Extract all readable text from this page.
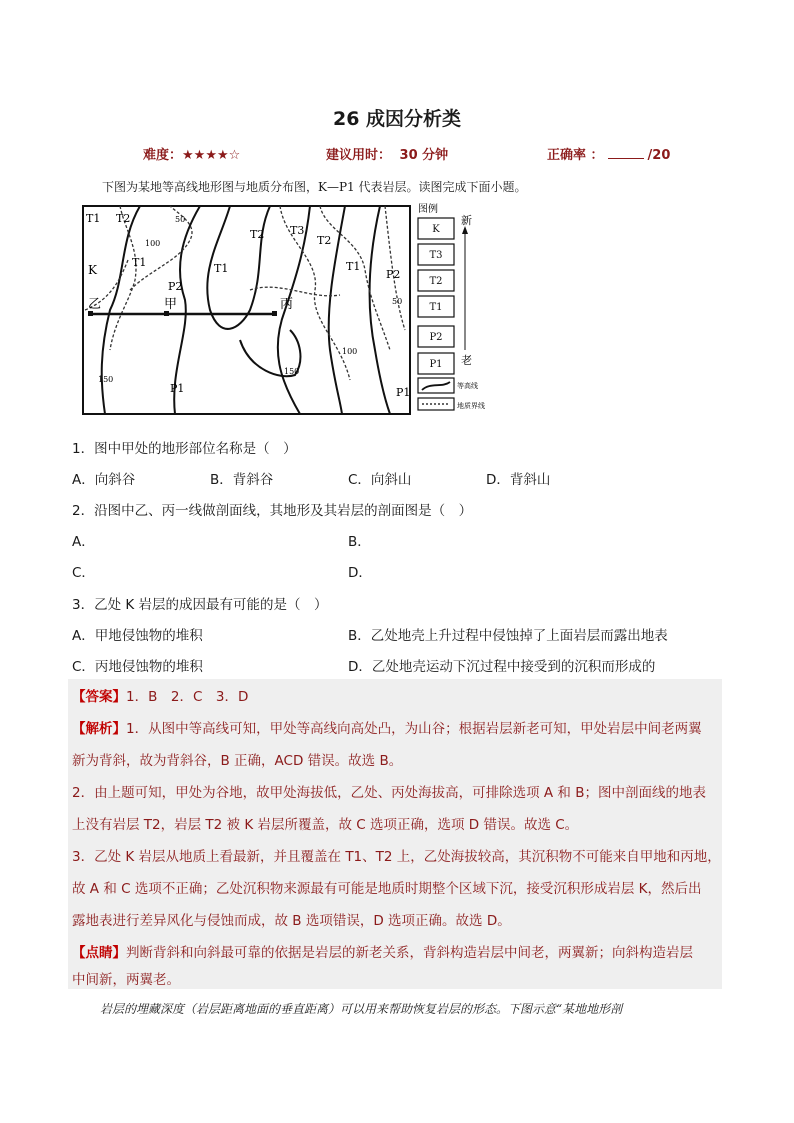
26 成因分析类
难度：★★★★☆	建议用时： 30 分钟	正确率 ：	/20
下图为某地等高线地形图与地质分布图，K—P1 代表岩层。读图完成下面小题。
乙	甲	丙
K
T1 T2
T1
P2
T1
T2 T3
T2
T1
P2
P1	P1
50
100
150
100
150
50
图例
K
T3
T2
T1
P2
P1
等高线
地质界线
新
老
1．图中甲处的地形部位名称是（　）
A．向斜谷	B．背斜谷	C．向斜山	D．背斜山
2．沿图中乙、丙一线做剖面线，其地形及其岩层的剖面图是（　）
A．	B．
C．	D．
3．乙处 K 岩层的成因最有可能的是（　）
A．甲地侵蚀物的堆积	B．乙处地壳上升过程中侵蚀掉了上面岩层而露出地表
C．丙地侵蚀物的堆积	D．乙处地壳运动下沉过程中接受到的沉积而形成的
【答案】1．B　2．C　3．D
【解析】1．从图中等高线可知，甲处等高线向高处凸，为山谷；根据岩层新老可知，甲处岩层中间老两翼
新为背斜，故为背斜谷，B 正确，ACD 错误。故选 B。
2．由上题可知，甲处为谷地，故甲处海拔低，乙处、丙处海拔高，可排除选项 A 和 B；图中剖面线的地表
上没有岩层 T2，岩层 T2 被 K 岩层所覆盖，故 C 选项正确，选项 D 错误。故选 C。
3．乙处 K 岩层从地质上看最新，并且覆盖在 T1、T2 上，乙处海拔较高，其沉积物不可能来自甲地和丙地，
故 A 和 C 选项不正确；乙处沉积物来源最有可能是地质时期整个区域下沉，接受沉积形成岩层 K，然后出
露地表进行差异风化与侵蚀而成，故 B 选项错误，D 选项正确。故选 D。
【点睛】判断背斜和向斜最可靠的依据是岩层的新老关系，背斜构造岩层中间老，两翼新；向斜构造岩层
中间新，两翼老。
岩层的埋藏深度（岩层距离地面的垂直距离）可以用来帮助恢复岩层的形态。下图示意“某地地形剖
